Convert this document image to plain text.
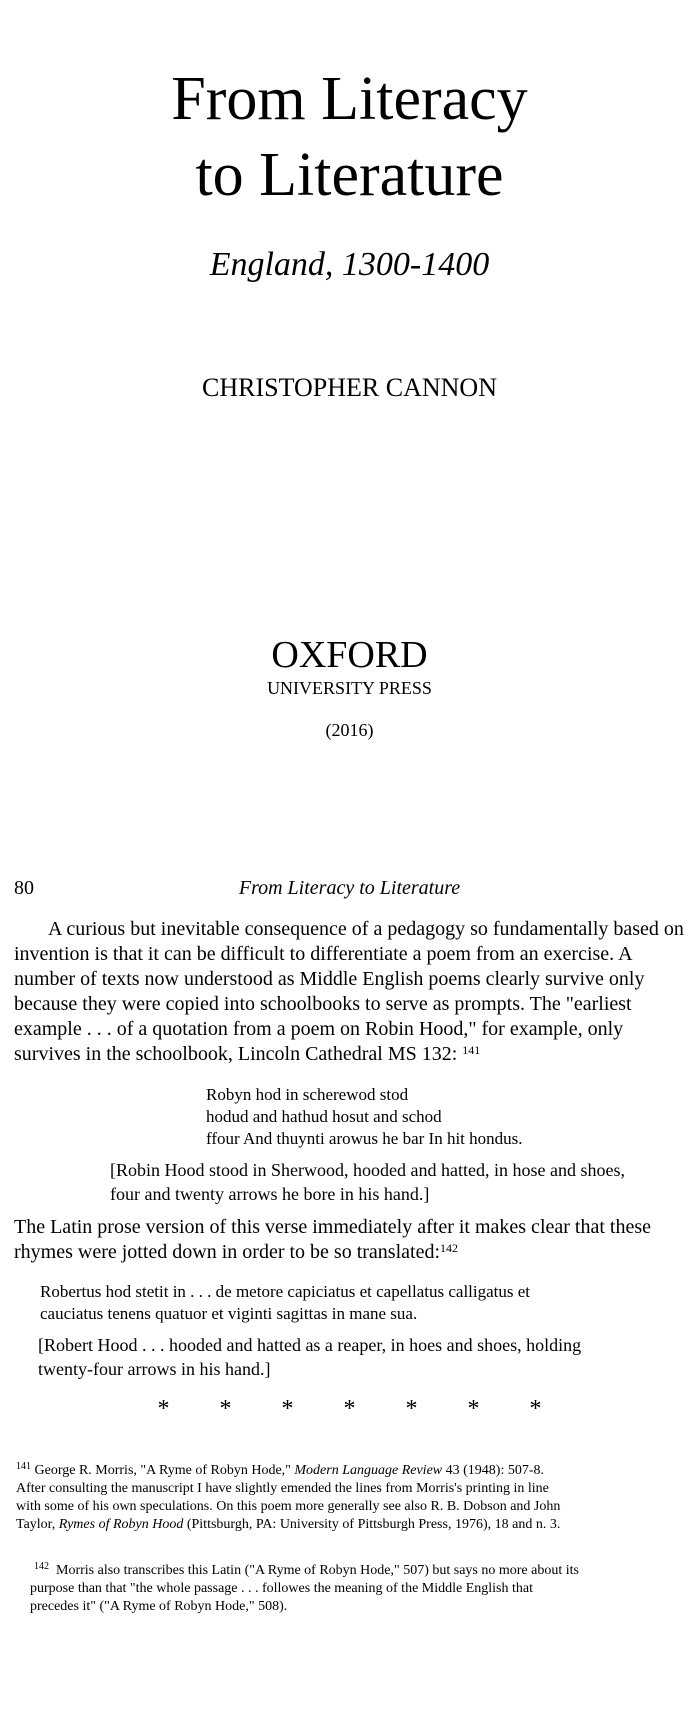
From Literacy
to Literature
England, 1300-1400
CHRISTOPHER CANNON
OXFORD
UNIVERSITY PRESS
(2016)
80	From Literacy to Literature

A curious but inevitable consequence of a pedagogy so fundamentally based on invention is that it can be difficult to differentiate a poem from an exercise. A number of texts now understood as Middle English poems clearly survive only because they were copied into schoolbooks to serve as prompts. The "earliest example . . . of a quotation from a poem on Robin Hood," for example, only survives in the schoolbook, Lincoln Cathedral MS 132: $^{141}$

Robyn hod in scherewod stod
hodud and hathud hosut and schod
ffour And thuynti arowus he bar In hit hondus.
[Robin Hood stood in Sherwood, hooded and hatted, in hose and shoes,
four and twenty arrows he bore in his hand.]

The Latin prose version of this verse immediately after it makes clear that these rhymes were jotted down in order to be so translated:$^{142}$

Robertus hod stetit in . . . de metore capiciatus et capellatus calligatus et
cauciatus tenens quatuor et viginti sagittas in mane sua.
[Robert Hood . . . hooded and hatted as a reaper, in hoes and shoes, holding
twenty-four arrows in his hand.]
* * * * * * *
$^{141}$ George R. Morris, "A Ryme of Robyn Hode," Modern Language Review 43 (1948): 507-8. After consulting the manuscript I have slightly emended the lines from Morris's printing in line with some of his own speculations. On this poem more generally see also R. B. Dobson and John Taylor, Rymes of Robyn Hood (Pittsburgh, PA: University of Pittsburgh Press, 1976), 18 and n. 3.
$^{142}$ Morris also transcribes this Latin ("A Ryme of Robyn Hode," 507) but says no more about its purpose than that "the whole passage . . . followes the meaning of the Middle English that precedes it" ("A Ryme of Robyn Hode," 508).
